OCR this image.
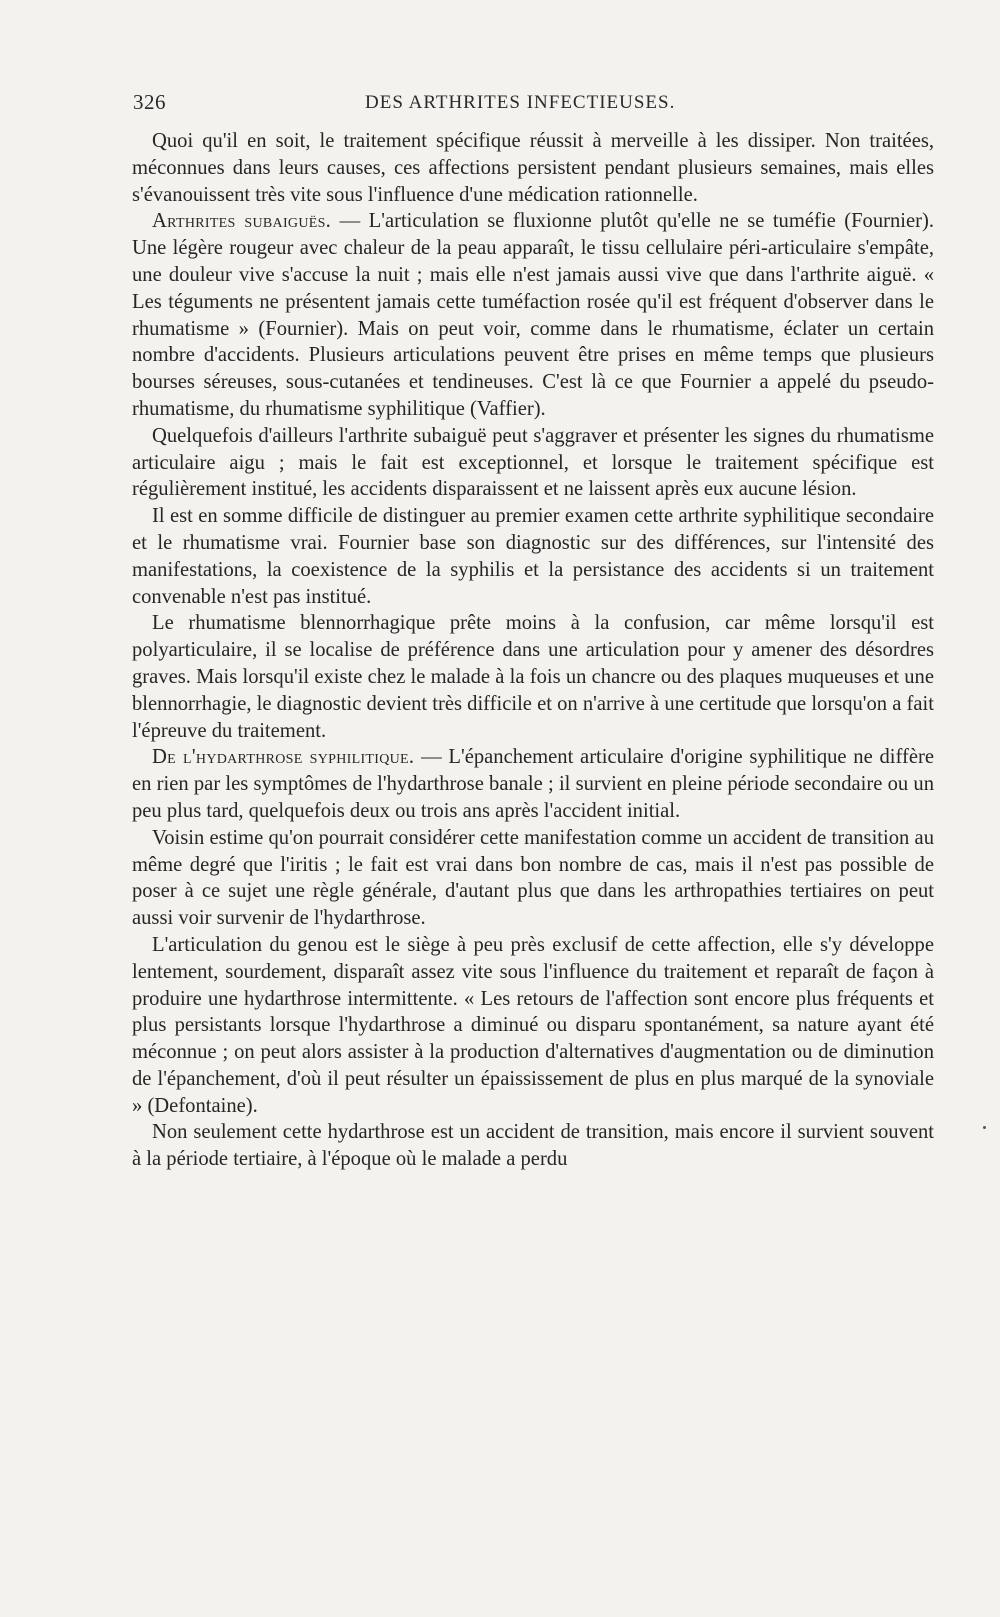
326	DES ARTHRITES INFECTIEUSES.

Quoi qu'il en soit, le traitement spécifique réussit à merveille à les dissiper. Non traitées, méconnues dans leurs causes, ces affections persistent pendant plusieurs semaines, mais elles s'évanouissent très vite sous l'influence d'une médication rationnelle.

Arthrites subaiguës. — L'articulation se fluxionne plutôt qu'elle ne se tuméfie (Fournier). Une légère rougeur avec chaleur de la peau apparaît, le tissu cellulaire péri-articulaire s'empâte, une douleur vive s'accuse la nuit ; mais elle n'est jamais aussi vive que dans l'arthrite aiguë. « Les téguments ne présentent jamais cette tuméfaction rosée qu'il est fréquent d'observer dans le rhumatisme » (Fournier). Mais on peut voir, comme dans le rhumatisme, éclater un certain nombre d'accidents. Plusieurs articulations peuvent être prises en même temps que plusieurs bourses séreuses, sous-cutanées et tendineuses. C'est là ce que Fournier a appelé du pseudo-rhumatisme, du rhumatisme syphilitique (Vaffier).

Quelquefois d'ailleurs l'arthrite subaiguë peut s'aggraver et présenter les signes du rhumatisme articulaire aigu ; mais le fait est exceptionnel, et lorsque le traitement spécifique est régulièrement institué, les accidents disparaissent et ne laissent après eux aucune lésion.

Il est en somme difficile de distinguer au premier examen cette arthrite syphilitique secondaire et le rhumatisme vrai. Fournier base son diagnostic sur des différences, sur l'intensité des manifestations, la coexistence de la syphilis et la persistance des accidents si un traitement convenable n'est pas institué.

Le rhumatisme blennorrhagique prête moins à la confusion, car même lorsqu'il est polyarticulaire, il se localise de préférence dans une articulation pour y amener des désordres graves. Mais lorsqu'il existe chez le malade à la fois un chancre ou des plaques muqueuses et une blennorrhagie, le diagnostic devient très difficile et on n'arrive à une certitude que lorsqu'on a fait l'épreuve du traitement.

De l'hydarthrose syphilitique. — L'épanchement articulaire d'origine syphilitique ne diffère en rien par les symptômes de l'hydarthrose banale ; il survient en pleine période secondaire ou un peu plus tard, quelquefois deux ou trois ans après l'accident initial.

Voisin estime qu'on pourrait considérer cette manifestation comme un accident de transition au même degré que l'iritis ; le fait est vrai dans bon nombre de cas, mais il n'est pas possible de poser à ce sujet une règle générale, d'autant plus que dans les arthropathies tertiaires on peut aussi voir survenir de l'hydarthrose.

L'articulation du genou est le siège à peu près exclusif de cette affection, elle s'y développe lentement, sourdement, disparaît assez vite sous l'influence du traitement et reparaît de façon à produire une hydarthrose intermittente. « Les retours de l'affection sont encore plus fréquents et plus persistants lorsque l'hydarthrose a diminué ou disparu spontanément, sa nature ayant été méconnue ; on peut alors assister à la production d'alternatives d'augmentation ou de diminution de l'épanchement, d'où il peut résulter un épaississement de plus en plus marqué de la synoviale » (Defontaine).

Non seulement cette hydarthrose est un accident de transition, mais encore il survient souvent à la période tertiaire, à l'époque où le malade a perdu
